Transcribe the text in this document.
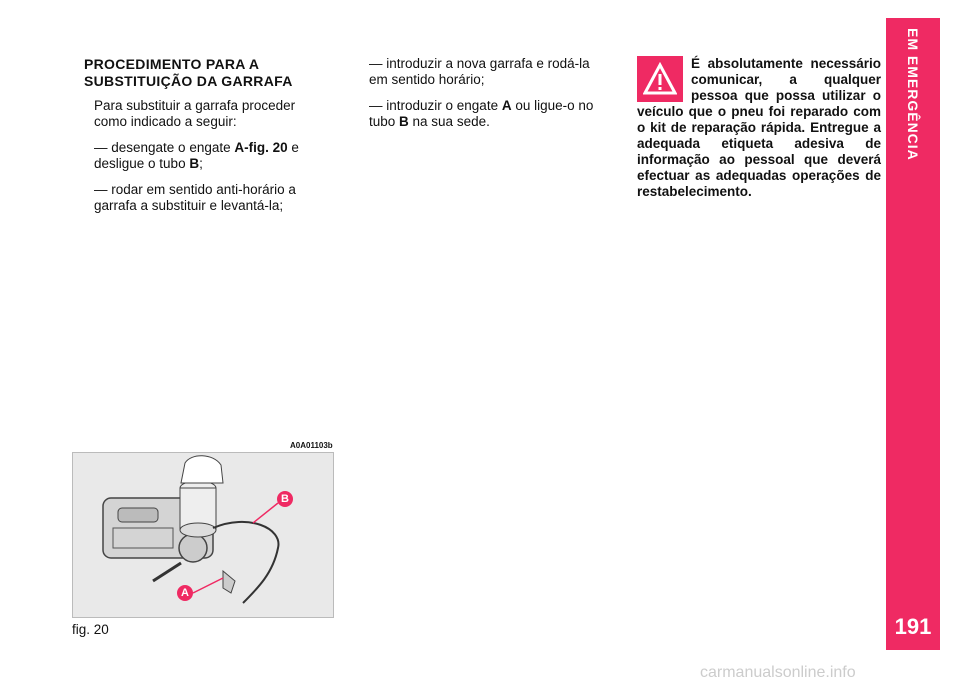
EM EMERGÊNCIA
191
PROCEDIMENTO PARA A
SUBSTITUIÇÃO DA GARRAFA

Para substituir a garrafa proceder como indicado a seguir:

— desengate o engate A-fig. 20 e desligue o tubo B;

— rodar em sentido anti-horário a garrafa a substituir e levantá-la;

— introduzir a nova garrafa e rodá-la em sentido horário;

— introduzir o engate A ou ligue-o no tubo B na sua sede.

É absolutamente necessário comunicar, a qualquer pessoa que possa utilizar o veículo que o pneu foi reparado com o kit de reparação rápida. Entregue a adequada etiqueta adesiva de informação ao pessoal que deverá efectuar as adequadas operações de restabelecimento.
A0A01103b
A
B
fig. 20
carmanualsonline.info
